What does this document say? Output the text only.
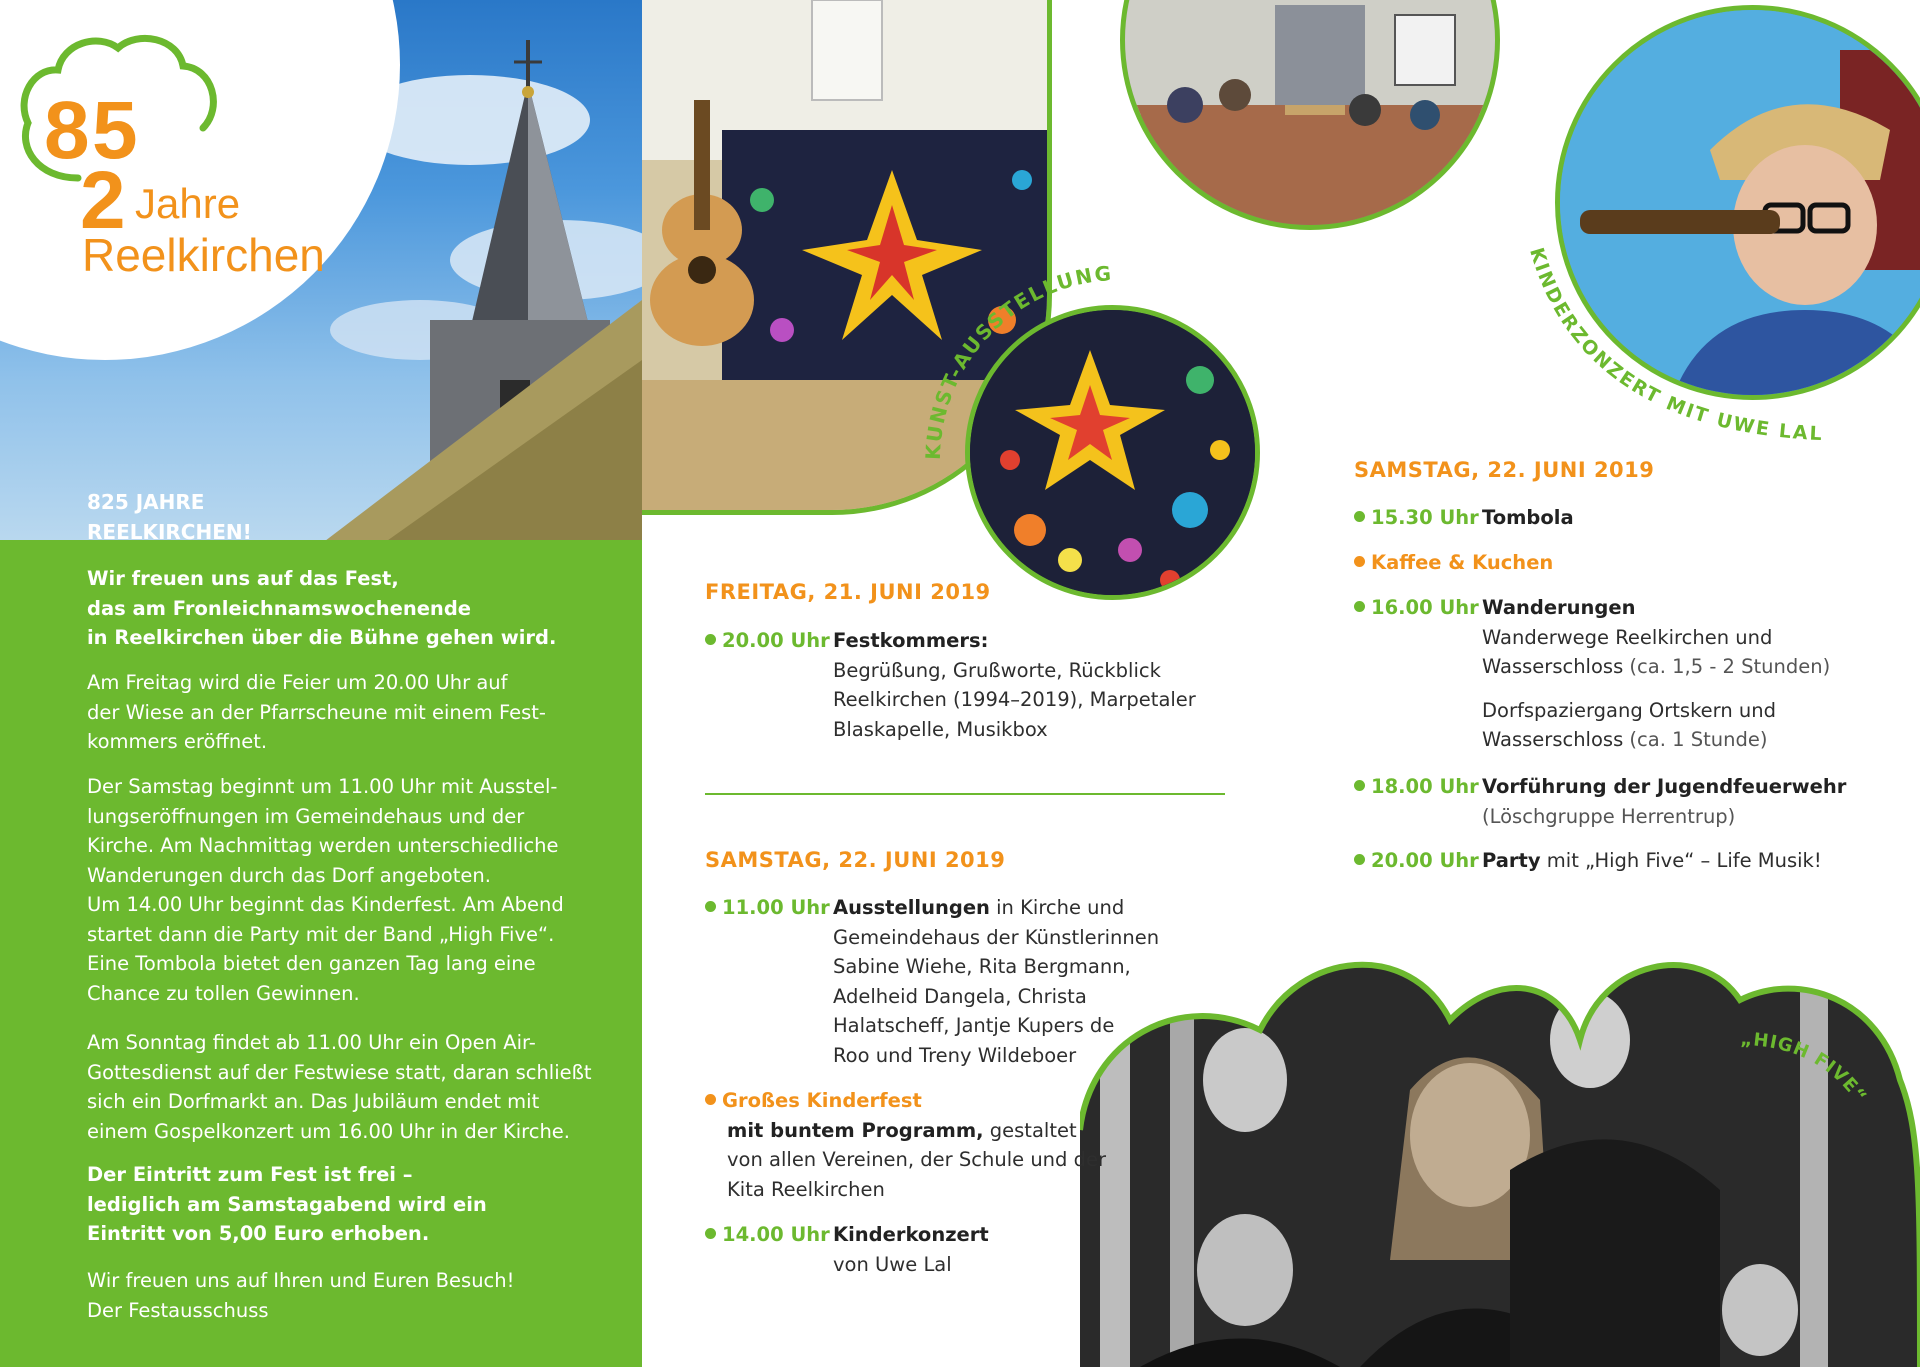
8 5
2 Jahre
Reelkirchen

825 JAHRE

REELKIRCHEN!

Wir freuen uns auf das Fest,

das am Fronleichnamswochenende

in Reelkirchen über die Bühne gehen wird.

Am Freitag wird die Feier um 20.00 Uhr auf

der Wiese an der Pfarrscheune mit einem Fest-

kommers eröffnet.

Der Samstag beginnt um 11.00 Uhr mit Ausstel-

lungseröffnungen im Gemeindehaus und der

Kirche. Am Nachmittag werden unterschiedliche

Wanderungen durch das Dorf angeboten.

Um 14.00 Uhr beginnt das Kinderfest. Am Abend

startet dann die Party mit der Band „High Five“.

Eine Tombola bietet den ganzen Tag lang eine

Chance zu tollen Gewinnen.

Am Sonntag findet ab 11.00 Uhr ein Open Air-

Gottesdienst auf der Festwiese statt, daran schließt

sich ein Dorfmarkt an. Das Jubiläum endet mit

einem Gospelkonzert um 16.00 Uhr in der Kirche.

Der Eintritt zum Fest ist frei –

lediglich am Samstagabend wird ein

Eintritt von 5,00 Euro erhoben.

Wir freuen uns auf Ihren und Euren Besuch!

Der Festausschuss

KUNST-AUSSTELLUNG
KINDERZONZERT MIT UWE LAL
„HIGH FIVE“
FREITAG, 21. JUNI 2019
20.00 Uhr Festkommers:
Begrüßung, Grußworte, Rückblick
Reelkirchen (1994–2019), Marpetaler
Blaskapelle, Musikbox
SAMSTAG, 22. JUNI 2019
11.00 Uhr Ausstellungen in Kirche und
Gemeindehaus der Künstlerinnen
Sabine Wiehe, Rita Bergmann,
Adelheid Dangela, Christa
Halatscheff, Jantje Kupers de
Roo und Treny Wildeboer
Großes Kinderfest
mit buntem Programm, gestaltet
von allen Vereinen, der Schule und der
Kita Reelkirchen
14.00 Uhr Kinderkonzert
von Uwe Lal
SAMSTAG, 22. JUNI 2019
15.30 Uhr Tombola
Kaffee & Kuchen
16.00 Uhr Wanderungen
Wanderwege Reelkirchen und
Wasserschloss (ca. 1,5 - 2 Stunden)
Dorfspaziergang Ortskern und
Wasserschloss (ca. 1 Stunde)
18.00 Uhr Vorführung der Jugendfeuerwehr
(Löschgruppe Herrentrup)
20.00 Uhr Party mit „High Five“ – Life Musik!
